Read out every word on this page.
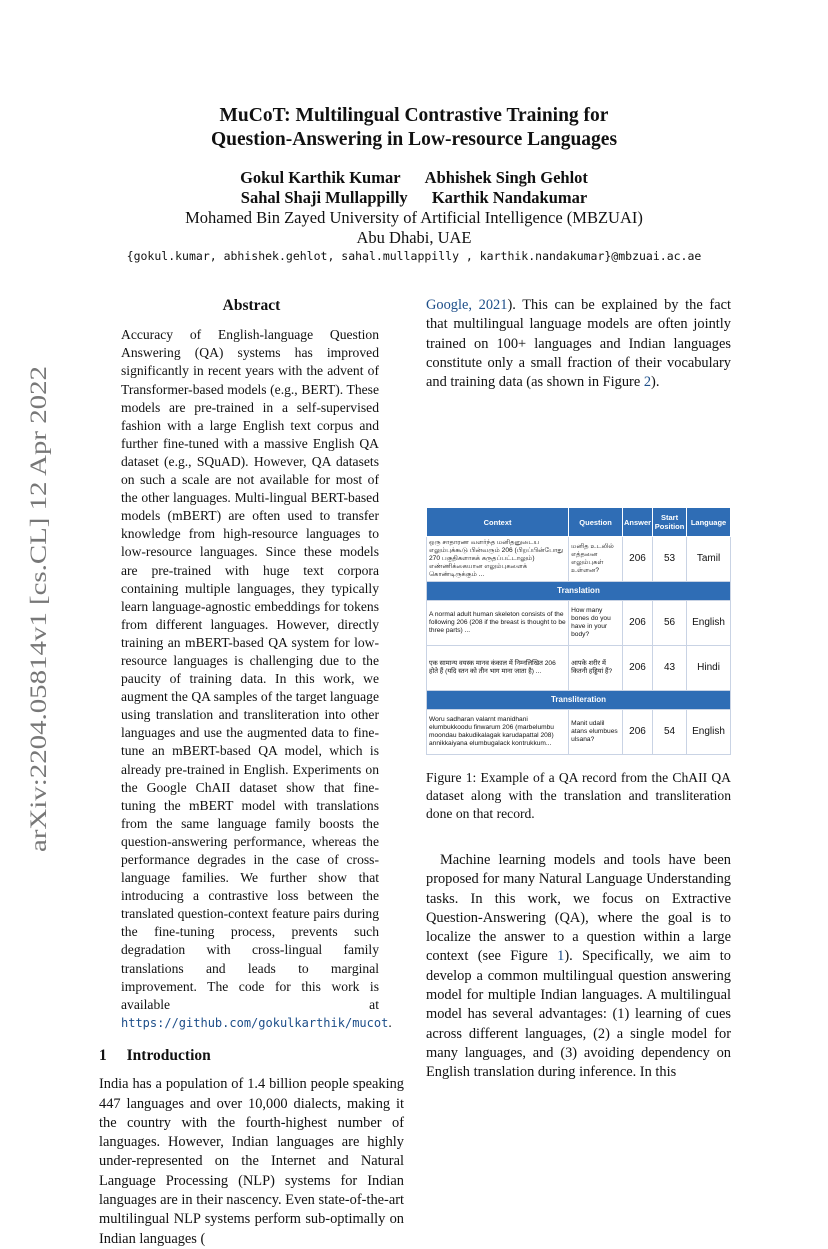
arXiv:2204.05814v1 [cs.CL] 12 Apr 2022
MuCoT: Multilingual Contrastive Training for
Question-Answering in Low-resource Languages
Gokul Karthik Kumar Abhishek Singh Gehlot
Sahal Shaji Mullappilly Karthik Nandakumar
Mohamed Bin Zayed University of Artificial Intelligence (MBZUAI)
Abu Dhabi, UAE
{gokul.kumar, abhishek.gehlot, sahal.mullappilly , karthik.nandakumar}@mbzuai.ac.ae
Abstract
Accuracy of English-language Question Answering (QA) systems has improved significantly in recent years with the advent of Transformer-based models (e.g., BERT). These models are pre-trained in a self-supervised fashion with a large English text corpus and further fine-tuned with a massive English QA dataset (e.g., SQuAD). However, QA datasets on such a scale are not available for most of the other languages. Multi-lingual BERT-based models (mBERT) are often used to transfer knowledge from high-resource languages to low-resource languages. Since these models are pre-trained with huge text corpora containing multiple languages, they typically learn language-agnostic embeddings for tokens from different languages. However, directly training an mBERT-based QA system for low-resource languages is challenging due to the paucity of training data. In this work, we augment the QA samples of the target language using translation and transliteration into other languages and use the augmented data to fine-tune an mBERT-based QA model, which is already pre-trained in English. Experiments on the Google ChAII dataset show that fine-tuning the mBERT model with translations from the same language family boosts the question-answering performance, whereas the performance degrades in the case of cross-language families. We further show that introducing a contrastive loss between the translated question-context feature pairs during the fine-tuning process, prevents such degradation with cross-lingual family translations and leads to marginal improvement. The code for this work is available at https://github.com/gokulkarthik/mucot.
1 Introduction

India has a population of 1.4 billion people speaking 447 languages and over 10,000 dialects, making it the country with the fourth-highest number of languages. However, Indian languages are highly under-represented on the Internet and Natural Language Processing (NLP) systems for Indian languages are in their nascency. Even state-of-the-art multilingual NLP systems perform sub-optimally on Indian languages (

Google, 2021). This can be explained by the fact that multilingual language models are often jointly trained on 100+ languages and Indian languages constitute only a small fraction of their vocabulary and training data (as shown in Figure 2).

Context	Question	Answer	Start Position	Language
ஒரு சாதாரண வளர்ந்த மனிதனுடைய எலும்புக்கூடு பின்வரும் 206 (பிறப்பின்போது 270 பகுதிகளாகக் கருதப்பட்டாலும்) எண்ணிக்கையான எலும்புகளைக் கொண்டிருக்கும் ...	மனித உடலில் எத்தனை எலும்புகள் உள்ளன?	206	53	Tamil
Translation				
A normal adult human skeleton consists of the following 206 (208 if the breast is thought to be three parts) ...	How many bones do you have in your body?	206	56	English
एक सामान्य वयस्क मानव कंकाल में निम्नलिखित 206 होते हैं (यदि स्तन को तीन भाग माना जाता है) ...	आपके शरीर में कितनी हड्डियां हैं?	206	43	Hindi
Transliteration				
Woru sadharan valarnt manidhani elumbukkoodu finwarum 206 (marbelumbu moondau bakudikalagak karudapattal 208) annikkaiyana elumbugalack kontrukkum...	Manit udalil atans elumbues ulsana?	206	54	English
Figure 1: Example of a QA record from the ChAII QA dataset along with the translation and transliteration done on that record.

Machine learning models and tools have been proposed for many Natural Language Understanding tasks. In this work, we focus on Extractive Question-Answering (QA), where the goal is to localize the answer to a question within a large context (see Figure 1). Specifically, we aim to develop a common multilingual question answering model for multiple Indian languages. A multilingual model has several advantages: (1) learning of cues across different languages, (2) a single model for many languages, and (3) avoiding dependency on English translation during inference. In this
